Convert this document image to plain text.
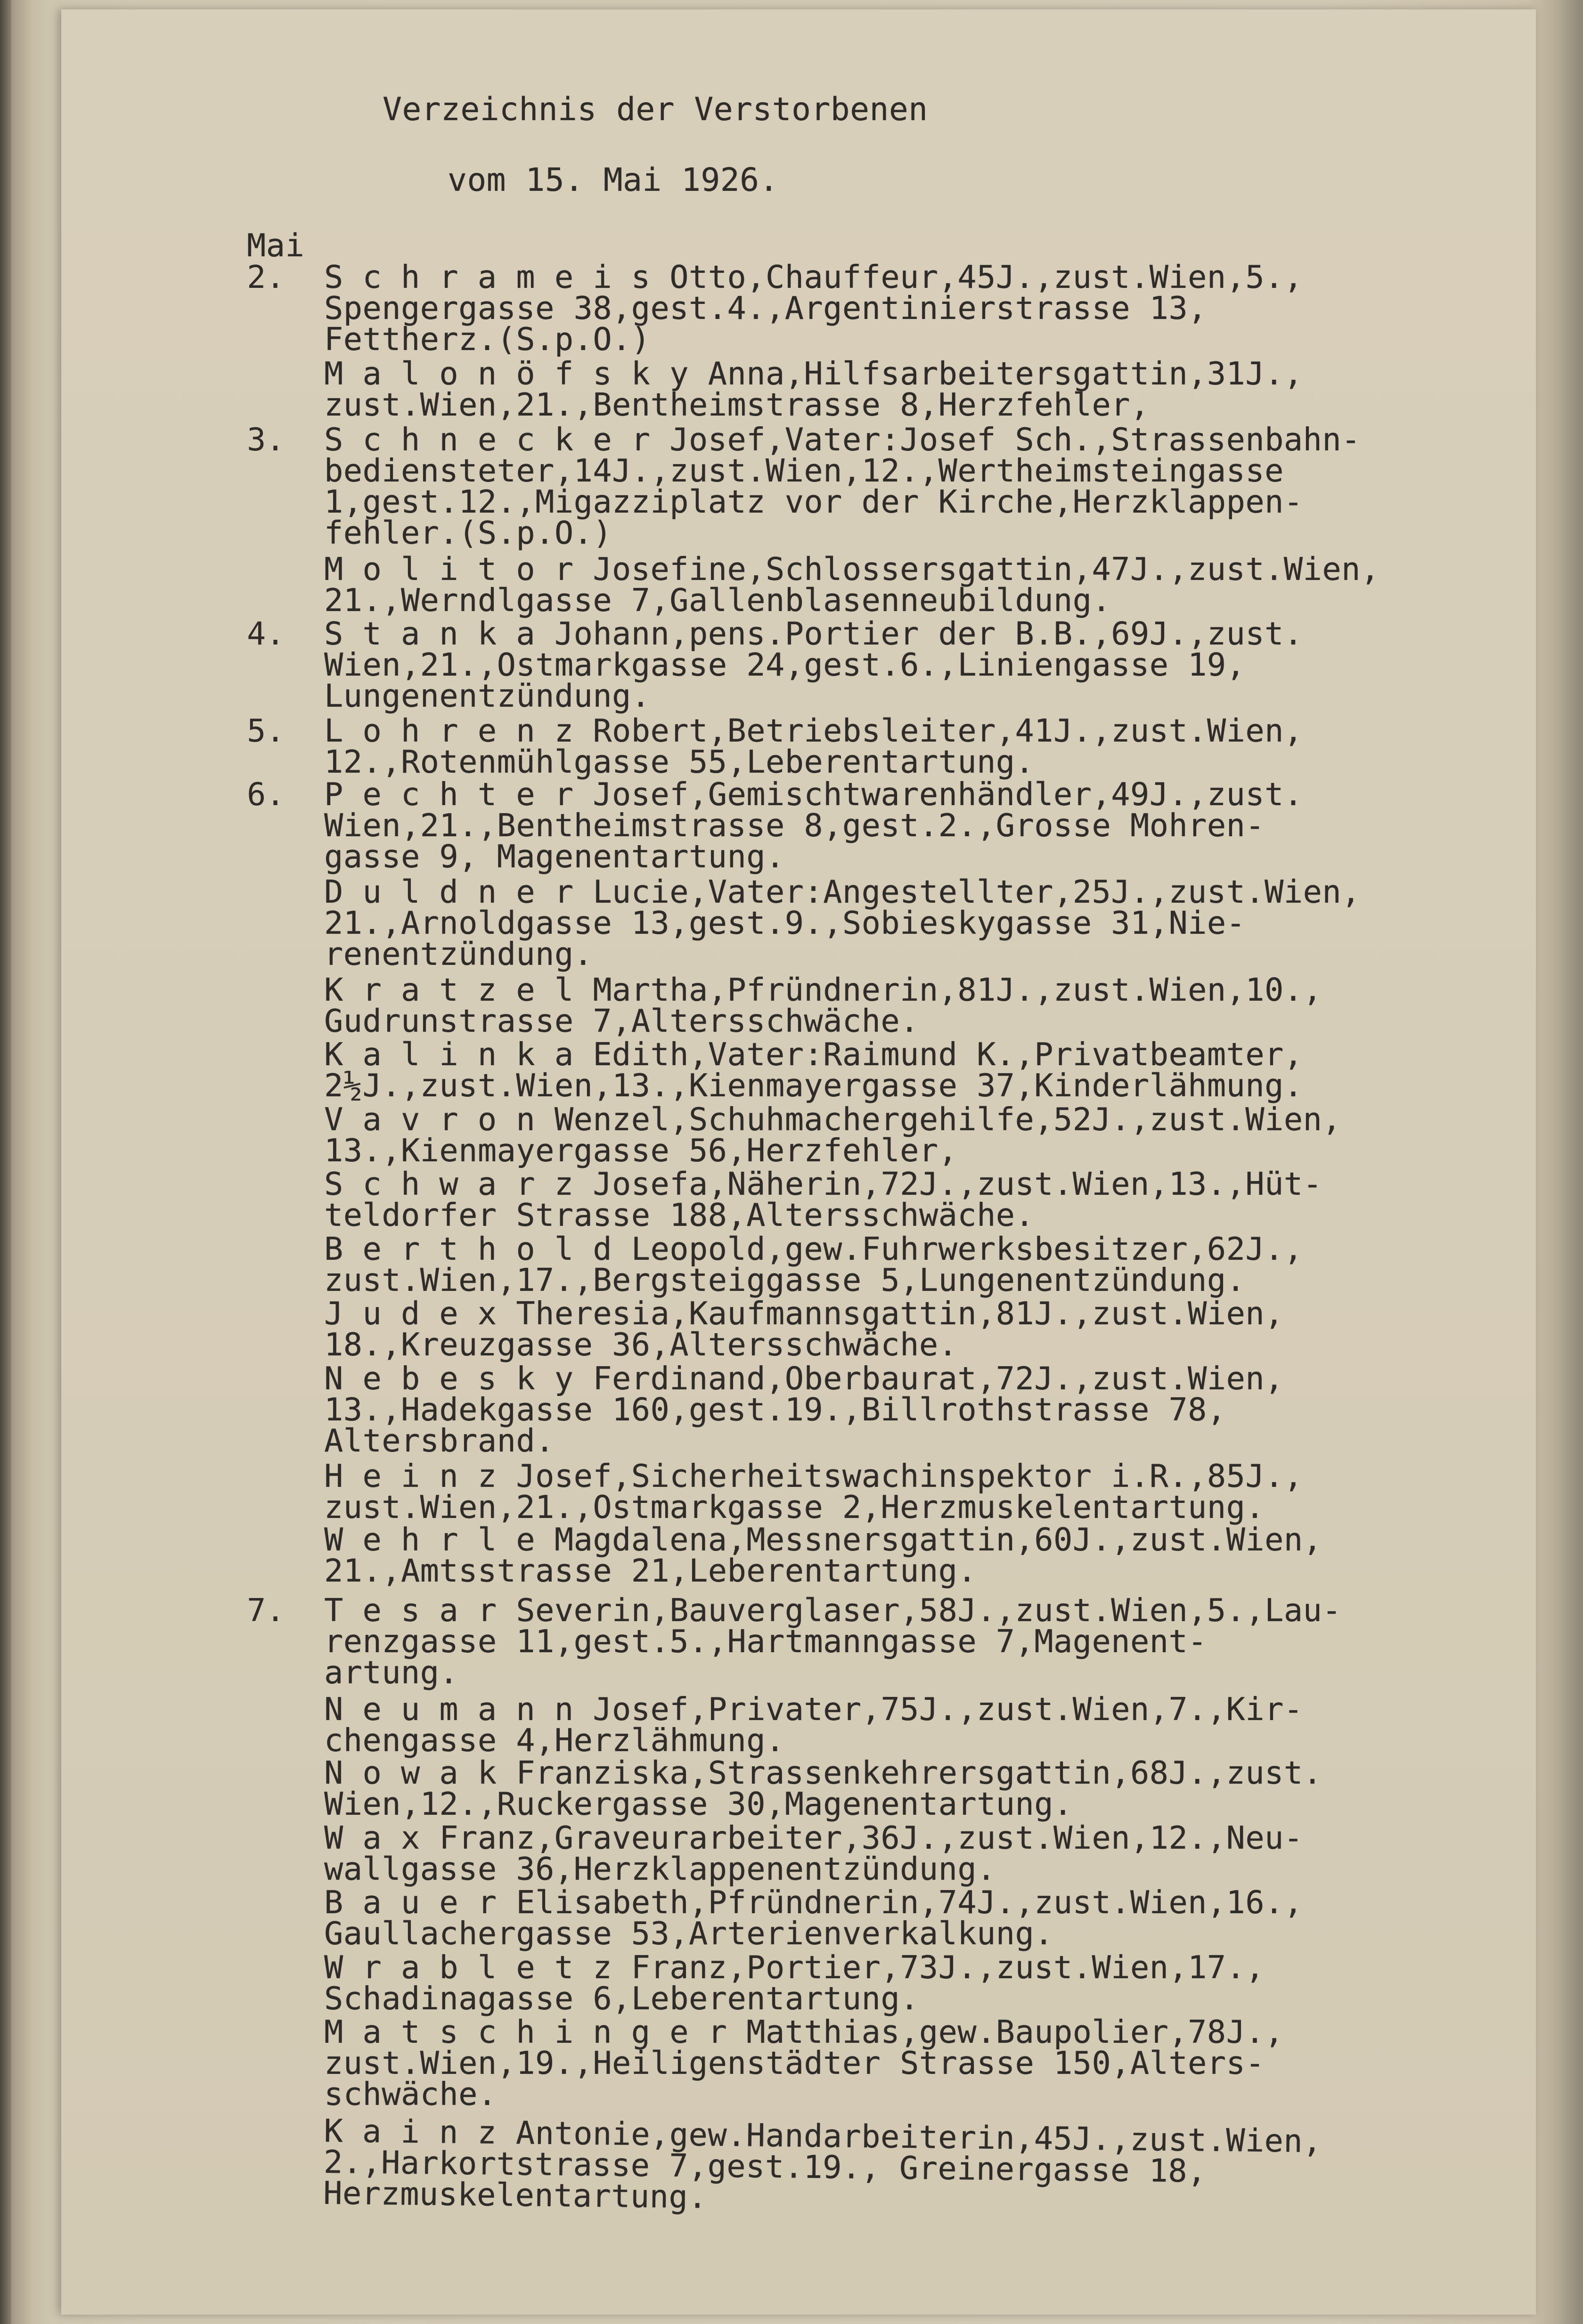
Verzeichnis der Verstorbenen

vom 15. Mai 1926.

Mai

2.

3.

4.

5.

6.

7.

S c h r a m e i s Otto,Chauffeur,45J.,zust.Wien,5.,
Spengergasse 38,gest.4.,Argentinierstrasse 13,
Fettherz.(S.p.O.)

M a l o n ö f s k y Anna,Hilfsarbeitersgattin,31J.,
zust.Wien,21.,Bentheimstrasse 8,Herzfehler,

S c h n e c k e r Josef,Vater:Josef Sch.,Strassenbahn-
bediensteter,14J.,zust.Wien,12.,Wertheimsteingasse
1,gest.12.,Migazziplatz vor der Kirche,Herzklappen-
fehler.(S.p.O.)

M o l i t o r Josefine,Schlossersgattin,47J.,zust.Wien,
21.,Werndlgasse 7,Gallenblasenneubildung.

S t a n k a Johann,pens.Portier der B.B.,69J.,zust.
Wien,21.,Ostmarkgasse 24,gest.6.,Liniengasse 19,
Lungenentzündung.

L o h r e n z Robert,Betriebsleiter,41J.,zust.Wien,
12.,Rotenmühlgasse 55,Leberentartung.

P e c h t e r Josef,Gemischtwarenhändler,49J.,zust.
Wien,21.,Bentheimstrasse 8,gest.2.,Grosse Mohren-
gasse 9, Magenentartung.

D u l d n e r Lucie,Vater:Angestellter,25J.,zust.Wien,
21.,Arnoldgasse 13,gest.9.,Sobieskygasse 31,Nie-
renentzündung.

K r a t z e l Martha,Pfründnerin,81J.,zust.Wien,10.,
Gudrunstrasse 7,Altersschwäche.

K a l i n k a Edith,Vater:Raimund K.,Privatbeamter,
2½J.,zust.Wien,13.,Kienmayergasse 37,Kinderlähmung.

V a v r o n Wenzel,Schuhmachergehilfe,52J.,zust.Wien,
13.,Kienmayergasse 56,Herzfehler,

S c h w a r z Josefa,Näherin,72J.,zust.Wien,13.,Hüt-
teldorfer Strasse 188,Altersschwäche.

B e r t h o l d Leopold,gew.Fuhrwerksbesitzer,62J.,
zust.Wien,17.,Bergsteiggasse 5,Lungenentzündung.

J u d e x Theresia,Kaufmannsgattin,81J.,zust.Wien,
18.,Kreuzgasse 36,Altersschwäche.

N e b e s k y Ferdinand,Oberbaurat,72J.,zust.Wien,
13.,Hadekgasse 160,gest.19.,Billrothstrasse 78,
Altersbrand.

H e i n z Josef,Sicherheitswachinspektor i.R.,85J.,
zust.Wien,21.,Ostmarkgasse 2,Herzmuskelentartung.

W e h r l e Magdalena,Messnersgattin,60J.,zust.Wien,
21.,Amtsstrasse 21,Leberentartung.

T e s a r Severin,Bauverglaser,58J.,zust.Wien,5.,Lau-
renzgasse 11,gest.5.,Hartmanngasse 7,Magenent-
artung.

N e u m a n n Josef,Privater,75J.,zust.Wien,7.,Kir-
chengasse 4,Herzlähmung.

N o w a k Franziska,Strassenkehrersgattin,68J.,zust.
Wien,12.,Ruckergasse 30,Magenentartung.

W a x Franz,Graveurarbeiter,36J.,zust.Wien,12.,Neu-
wallgasse 36,Herzklappenentzündung.

B a u e r Elisabeth,Pfründnerin,74J.,zust.Wien,16.,
Gaullachergasse 53,Arterienverkalkung.

W r a b l e t z Franz,Portier,73J.,zust.Wien,17.,
Schadinagasse 6,Leberentartung.

M a t s c h i n g e r Matthias,gew.Baupolier,78J.,
zust.Wien,19.,Heiligenstädter Strasse 150,Alters-
schwäche.

K a i n z Antonie,gew.Handarbeiterin,45J.,zust.Wien,
2.,Harkortstrasse 7,gest.19., Greinergasse 18,
Herzmuskelentartung.
